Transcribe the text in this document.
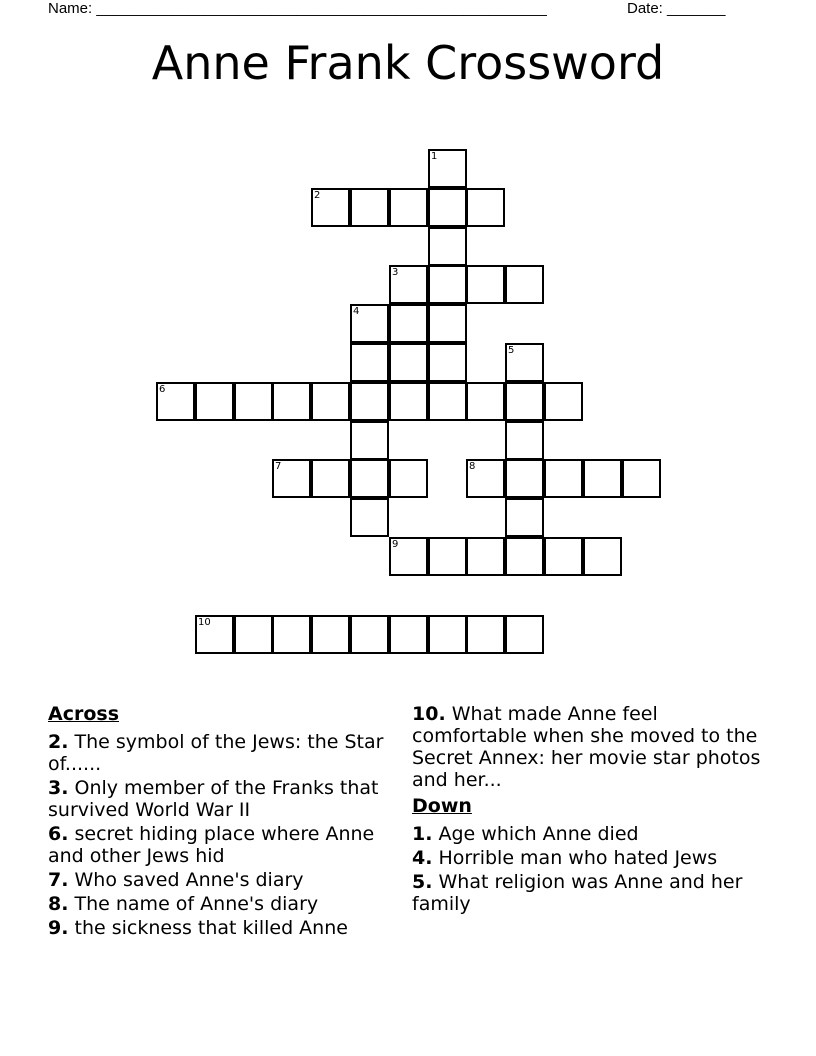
Name: ______________________________________________________	Date: _______
Anne Frank Crossword
1
2
3
4
5
6
7	8
9
10
Across
2. The symbol of the Jews: the Star of......
3. Only member of the Franks that survived World War II
6. secret hiding place where Anne and other Jews hid
7. Who saved Anne's diary
8. The name of Anne's diary
9. the sickness that killed Anne
10. What made Anne feel comfortable when she moved to the Secret Annex: her movie star photos and her...
Down
1. Age which Anne died
4. Horrible man who hated Jews
5. What religion was Anne and her family
